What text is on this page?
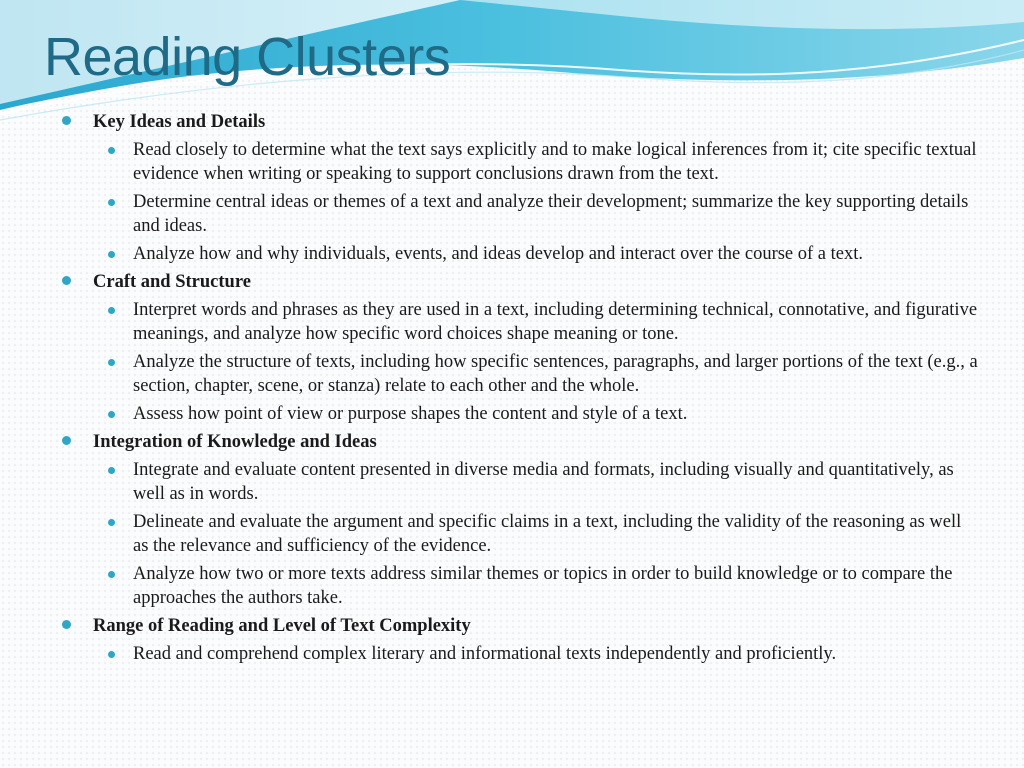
Reading Clusters
Key Ideas and Details
Read closely to determine what the text says explicitly and to make logical inferences from it; cite specific textual evidence when writing or speaking to support conclusions drawn from the text.
Determine central ideas or themes of a text and analyze their development; summarize the key supporting details and ideas.
Analyze how and why individuals, events, and ideas develop and interact over the course of a text.
Craft and Structure
Interpret words and phrases as they are used in a text, including determining technical, connotative, and figurative meanings, and analyze how specific word choices shape meaning or tone.
Analyze the structure of texts, including how specific sentences, paragraphs, and larger portions of the text (e.g., a section, chapter, scene, or stanza) relate to each other and the whole.
Assess how point of view or purpose shapes the content and style of a text.
Integration of Knowledge and Ideas
Integrate and evaluate content presented in diverse media and formats, including visually and quantitatively, as well as in words.
Delineate and evaluate the argument and specific claims in a text, including the validity of the reasoning as well as the relevance and sufficiency of the evidence.
Analyze how two or more texts address similar themes or topics in order to build knowledge or to compare the approaches the authors take.
Range of Reading and Level of Text Complexity
Read and comprehend complex literary and informational texts independently and proficiently.
